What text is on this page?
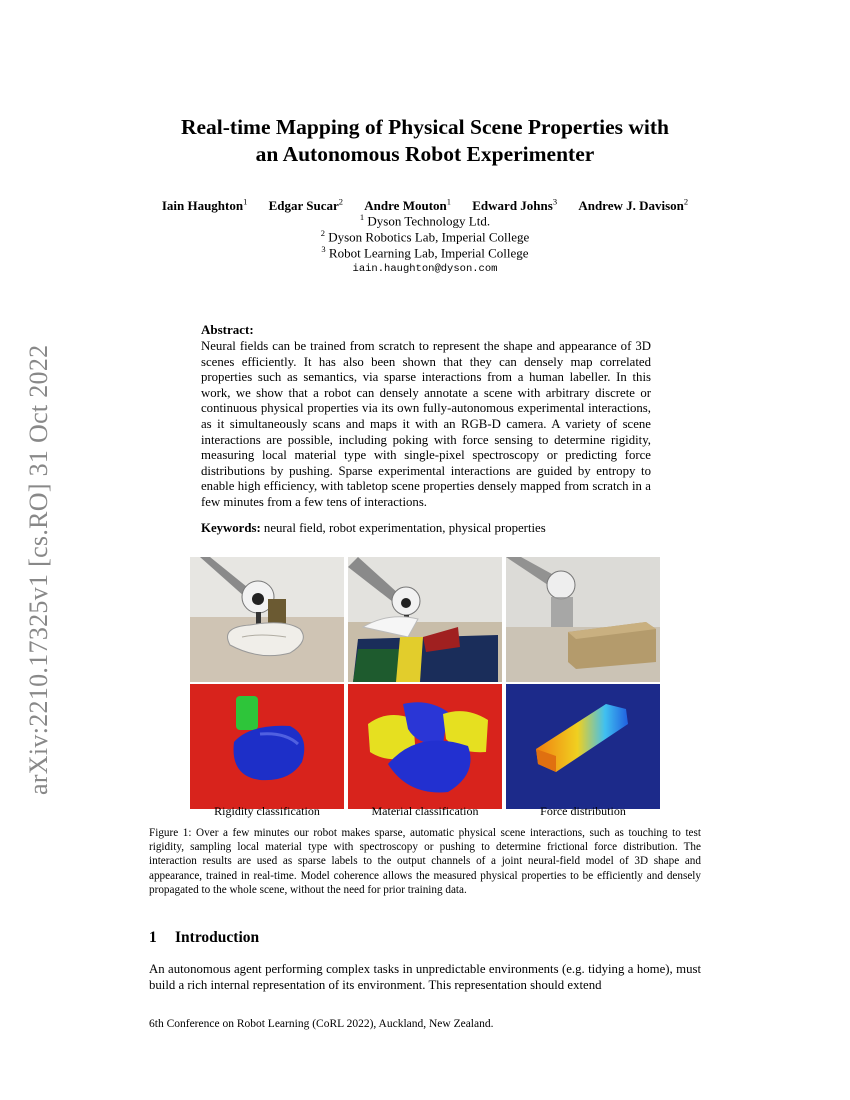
arXiv:2210.17325v1 [cs.RO] 31 Oct 2022
Real-time Mapping of Physical Scene Properties with
an Autonomous Robot Experimenter
Iain Haughton$^1$ Edgar Sucar$^2$ Andre Mouton$^1$ Edward Johns$^3$ Andrew J. Davison$^2$
$^1$ Dyson Technology Ltd.
$^2$ Dyson Robotics Lab, Imperial College
$^3$ Robot Learning Lab, Imperial College
iain.haughton@dyson.com
Abstract:
Neural fields can be trained from scratch to represent the shape and appearance of 3D scenes efficiently. It has also been shown that they can densely map correlated properties such as semantics, via sparse interactions from a human labeller. In this work, we show that a robot can densely annotate a scene with arbitrary discrete or continuous physical properties via its own fully-autonomous experimental interactions, as it simultaneously scans and maps it with an RGB-D camera. A variety of scene interactions are possible, including poking with force sensing to determine rigidity, measuring local material type with single-pixel spectroscopy or predicting force distributions by pushing. Sparse experimental interactions are guided by entropy to enable high efficiency, with tabletop scene properties densely mapped from scratch in a few minutes from a few tens of interactions.
Keywords: neural field, robot experimentation, physical properties
Rigidity classification	Material classification	Force distribution
Figure 1: Over a few minutes our robot makes sparse, automatic physical scene interactions, such as touching to test rigidity, sampling local material type with spectroscopy or pushing to determine frictional force distribution. The interaction results are used as sparse labels to the output channels of a joint neural-field model of 3D shape and appearance, trained in real-time. Model coherence allows the measured physical properties to be efficiently and densely propagated to the whole scene, without the need for prior training data.
1 Introduction
An autonomous agent performing complex tasks in unpredictable environments (e.g. tidying a home), must build a rich internal representation of its environment. This representation should extend
6th Conference on Robot Learning (CoRL 2022), Auckland, New Zealand.
